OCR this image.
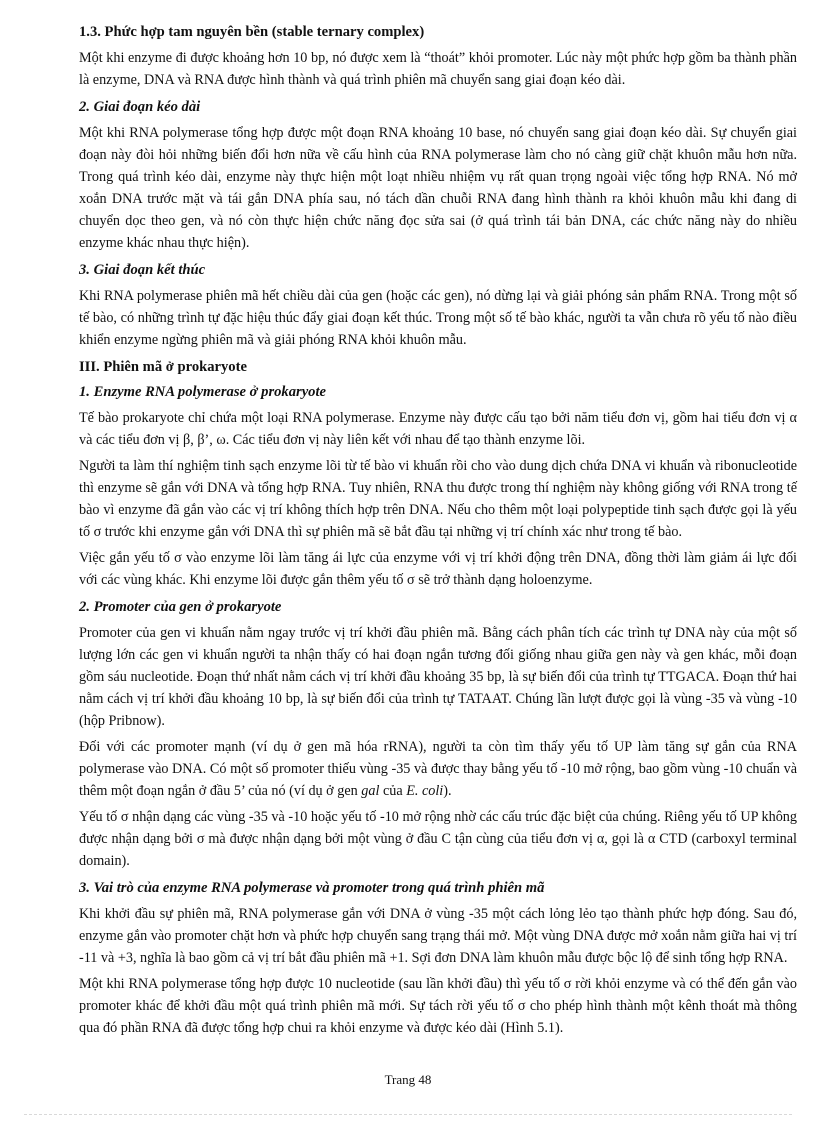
1.3. Phức hợp tam nguyên bền (stable ternary complex)

Một khi enzyme đi được khoảng hơn 10 bp, nó được xem là “thoát” khỏi promoter. Lúc này một phức hợp gồm ba thành phần là enzyme, DNA và RNA được hình thành và quá trình phiên mã chuyển sang giai đoạn kéo dài.

2. Giai đoạn kéo dài

Một khi RNA polymerase tổng hợp được một đoạn RNA khoảng 10 base, nó chuyển sang giai đoạn kéo dài. Sự chuyển giai đoạn này đòi hỏi những biến đổi hơn nữa về cấu hình của RNA polymerase làm cho nó càng giữ chặt khuôn mẫu hơn nữa. Trong quá trình kéo dài, enzyme này thực hiện một loạt nhiều nhiệm vụ rất quan trọng ngoài việc tổng hợp RNA. Nó mở xoắn DNA trước mặt và tái gắn DNA phía sau, nó tách dần chuỗi RNA đang hình thành ra khỏi khuôn mẫu khi đang di chuyển dọc theo gen, và nó còn thực hiện chức năng đọc sửa sai (ở quá trình tái bản DNA, các chức năng này do nhiều enzyme khác nhau thực hiện).

3. Giai đoạn kết thúc

Khi RNA polymerase phiên mã hết chiều dài của gen (hoặc các gen), nó dừng lại và giải phóng sản phẩm RNA. Trong một số tế bào, có những trình tự đặc hiệu thúc đẩy giai đoạn kết thúc. Trong một số tế bào khác, người ta vẫn chưa rõ yếu tố nào điều khiển enzyme ngừng phiên mã và giải phóng RNA khỏi khuôn mẫu.

III. Phiên mã ở prokaryote
1. Enzyme RNA polymerase ở prokaryote

Tế bào prokaryote chỉ chứa một loại RNA polymerase. Enzyme này được cấu tạo bởi năm tiểu đơn vị, gồm hai tiểu đơn vị α và các tiểu đơn vị β, β’, ω. Các tiểu đơn vị này liên kết với nhau để tạo thành enzyme lõi.

Người ta làm thí nghiệm tinh sạch enzyme lõi từ tế bào vi khuẩn rồi cho vào dung dịch chứa DNA vi khuẩn và ribonucleotide thì enzyme sẽ gắn với DNA và tổng hợp RNA. Tuy nhiên, RNA thu được trong thí nghiệm này không giống với RNA trong tế bào vì enzyme đã gắn vào các vị trí không thích hợp trên DNA. Nếu cho thêm một loại polypeptide tinh sạch được gọi là yếu tố σ trước khi enzyme gắn với DNA thì sự phiên mã sẽ bắt đầu tại những vị trí chính xác như trong tế bào.

Việc gắn yếu tố σ vào enzyme lõi làm tăng ái lực của enzyme với vị trí khởi động trên DNA, đồng thời làm giảm ái lực đối với các vùng khác. Khi enzyme lõi được gắn thêm yếu tố σ sẽ trở thành dạng holoenzyme.

2. Promoter của gen ở prokaryote

Promoter của gen vi khuẩn nằm ngay trước vị trí khởi đầu phiên mã. Bằng cách phân tích các trình tự DNA này của một số lượng lớn các gen vi khuẩn người ta nhận thấy có hai đoạn ngắn tương đối giống nhau giữa gen này và gen khác, mỗi đoạn gồm sáu nucleotide. Đoạn thứ nhất nằm cách vị trí khởi đầu khoảng 35 bp, là sự biến đổi của trình tự TTGACA. Đoạn thứ hai nằm cách vị trí khởi đầu khoảng 10 bp, là sự biến đổi của trình tự TATAAT. Chúng lần lượt được gọi là vùng -35 và vùng -10 (hộp Pribnow).

Đối với các promoter mạnh (ví dụ ở gen mã hóa rRNA), người ta còn tìm thấy yếu tố UP làm tăng sự gắn của RNA polymerase vào DNA. Có một số promoter thiếu vùng -35 và được thay bằng yếu tố -10 mở rộng, bao gồm vùng -10 chuẩn và thêm một đoạn ngắn ở đầu 5’ của nó (ví dụ ở gen gal của E. coli).

Yếu tố σ nhận dạng các vùng -35 và -10 hoặc yếu tố -10 mở rộng nhờ các cấu trúc đặc biệt của chúng. Riêng yếu tố UP không được nhận dạng bởi σ mà được nhận dạng bởi một vùng ở đầu C tận cùng của tiểu đơn vị α, gọi là α CTD (carboxyl terminal domain).

3. Vai trò của enzyme RNA polymerase và promoter trong quá trình phiên mã

Khi khởi đầu sự phiên mã, RNA polymerase gắn với DNA ở vùng -35 một cách lỏng lẻo tạo thành phức hợp đóng. Sau đó, enzyme gắn vào promoter chặt hơn và phức hợp chuyển sang trạng thái mở. Một vùng DNA được mở xoắn nằm giữa hai vị trí -11 và +3, nghĩa là bao gồm cả vị trí bắt đầu phiên mã +1. Sợi đơn DNA làm khuôn mẫu được bộc lộ để sinh tổng hợp RNA.

Một khi RNA polymerase tổng hợp được 10 nucleotide (sau lần khởi đầu) thì yếu tố σ rời khỏi enzyme và có thể đến gắn vào promoter khác để khởi đầu một quá trình phiên mã mới. Sự tách rời yếu tố σ cho phép hình thành một kênh thoát mà thông qua đó phần RNA đã được tổng hợp chui ra khỏi enzyme và được kéo dài (Hình 5.1).

Trang 48
